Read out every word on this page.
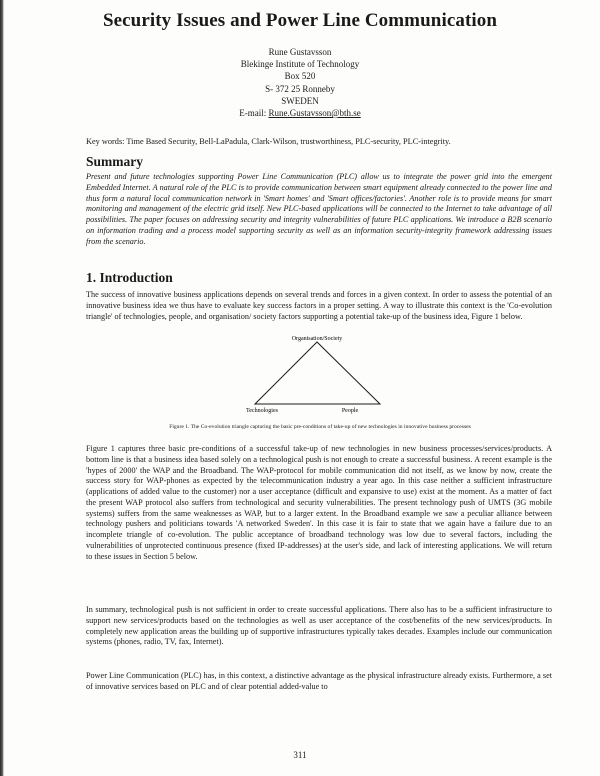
Security Issues and Power Line Communication
Rune Gustavsson
Blekinge Institute of Technology
Box 520
S- 372 25 Ronneby
SWEDEN
E-mail: Rune.Gustavsson@bth.se
Key words: Time Based Security, Bell-LaPadula, Clark-Wilson, trustworthiness, PLC-security, PLC-integrity.
Summary
Present and future technologies supporting Power Line Communication (PLC) allow us to integrate the power grid into the emergent Embedded Internet. A natural role of the PLC is to provide communication between smart equipment already connected to the power line and thus form a natural local communication network in 'Smart homes' and 'Smart offices/factories'. Another role is to provide means for smart monitoring and management of the electric grid itself. New PLC-based applications will be connected to the Internet to take advantage of all possibilities. The paper focuses on addressing security and integrity vulnerabilities of future PLC applications. We introduce a B2B scenario on information trading and a process model supporting security as well as an information security-integrity framework addressing issues from the scenario.
1. Introduction
The success of innovative business applications depends on several trends and forces in a given context. In order to assess the potential of an innovative business idea we thus have to evaluate key success factors in a proper setting. A way to illustrate this context is the 'Co-evolution triangle' of technologies, people, and organisation/ society factors supporting a potential take-up of the business idea, Figure 1 below.
Organisation/Society
Technologies	People
Figure 1. The Co-evolution triangle capturing the basic pre-conditions of take-up of new technologies in innovative business processes
Figure 1 captures three basic pre-conditions of a successful take-up of new technologies in new business processes/services/products. A bottom line is that a business idea based solely on a technological push is not enough to create a successful business. A recent example is the 'hypes of 2000' the WAP and the Broadband. The WAP-protocol for mobile communication did not itself, as we know by now, create the success story for WAP-phones as expected by the telecommunication industry a year ago. In this case neither a sufficient infrastructure (applications of added value to the customer) nor a user acceptance (difficult and expansive to use) exist at the moment. As a matter of fact the present WAP protocol also suffers from technological and security vulnerabilities. The present technology push of UMTS (3G mobile systems) suffers from the same weaknesses as WAP, but to a larger extent. In the Broadband example we saw a peculiar alliance between technology pushers and politicians towards 'A networked Sweden'. In this case it is fair to state that we again have a failure due to an incomplete triangle of co-evolution. The public acceptance of broadband technology was low due to several factors, including the vulnerabilities of unprotected continuous presence (fixed IP-addresses) at the user's side, and lack of interesting applications. We will return to these issues in Section 5 below.
In summary, technological push is not sufficient in order to create successful applications. There also has to be a sufficient infrastructure to support new services/products based on the technologies as well as user acceptance of the cost/benefits of the new services/products. In completely new application areas the building up of supportive infrastructures typically takes decades. Examples include our communication systems (phones, radio, TV, fax, Internet).
Power Line Communication (PLC) has, in this context, a distinctive advantage as the physical infrastructure already exists. Furthermore, a set of innovative services based on PLC and of clear potential added-value to
311
